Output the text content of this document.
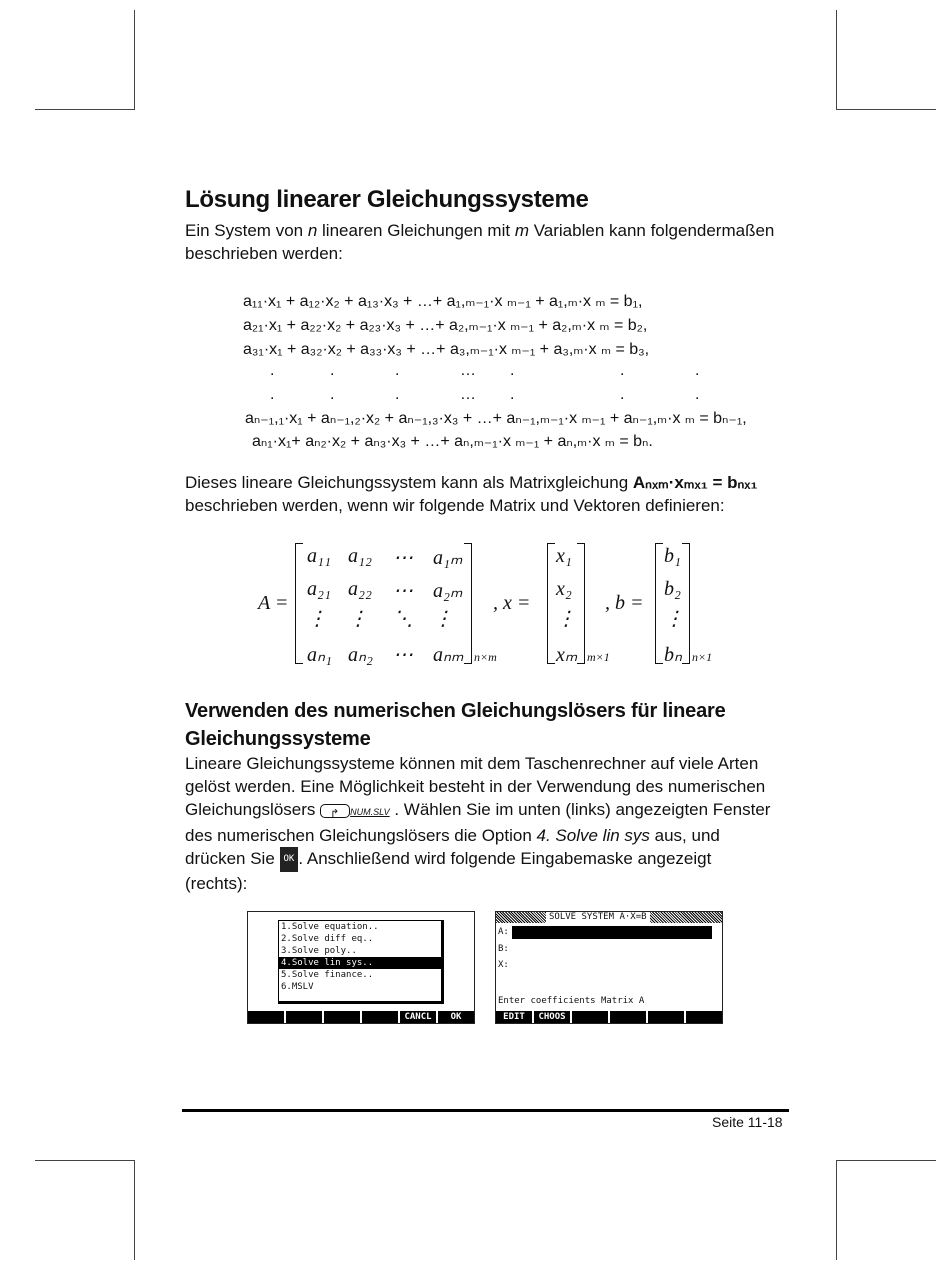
Lösung linearer Gleichungssysteme
Ein System von n linearen Gleichungen mit m Variablen kann folgendermaßen beschrieben werden:
a₁₁·x₁ + a₁₂·x₂ + a₁₃·x₃ + …+ a₁,ₘ₋₁·x ₘ₋₁ + a₁,ₘ·x ₘ = b₁,
a₂₁·x₁ + a₂₂·x₂ + a₂₃·x₃ + …+ a₂,ₘ₋₁·x ₘ₋₁ + a₂,ₘ·x ₘ = b₂,
a₃₁·x₁ + a₃₂·x₂ + a₃₃·x₃ + …+ a₃,ₘ₋₁·x ₘ₋₁ + a₃,ₘ·x ₘ = b₃,
.	.	.	… .	.	.
.	.	.	… .	.	.
aₙ₋₁,₁·x₁ + aₙ₋₁,₂·x₂ + aₙ₋₁,₃·x₃ + …+ aₙ₋₁,ₘ₋₁·x ₘ₋₁ + aₙ₋₁,ₘ·x ₘ = bₙ₋₁,
aₙ₁·x₁+ aₙ₂·x₂ + aₙ₃·x₃ + …+ aₙ,ₘ₋₁·x ₘ₋₁ + aₙ,ₘ·x ₘ = bₙ.
Dieses lineare Gleichungssystem kann als Matrixgleichung Aₙₓₘ·xₘₓ₁ = bₙₓ₁
beschrieben werden, wenn wir folgende Matrix und Vektoren definieren:
A =
a₁₁ a₁₂ ⋯ a₁ₘ
a₂₁ a₂₂ ⋯ a₂ₘ
⋮ ⋮ ⋱ ⋮
aₙ₁ aₙ₂ ⋯ aₙₘ n×m
, x =
x₁
x₂
⋮
xₘ m×1
, b =
b₁
b₂
⋮
bₙ n×1
Verwenden des numerischen Gleichungslösers für lineare
Gleichungssysteme
Lineare Gleichungssysteme können mit dem Taschenrechner auf viele Arten
gelöst werden. Eine Möglichkeit besteht in der Verwendung des numerischen
Gleichungslösers ↱ NUM.SLV . Wählen Sie im unten (links) angezeigten Fenster
des numerischen Gleichungslösers die Option 4. Solve lin sys aus, und
drücken Sie OK . Anschließend wird folgende Eingabemaske angezeigt
(rechts):
1.Solve equation..
2.Solve diff eq..
3.Solve poly..
4.Solve lin sys..
5.Solve finance..
6.MSLV
CANCL	OK
SOLVE SYSTEM A·X=B
A:
B:
X:
Enter coefficients Matrix A
EDIT	CHOOS
Seite 11-18
